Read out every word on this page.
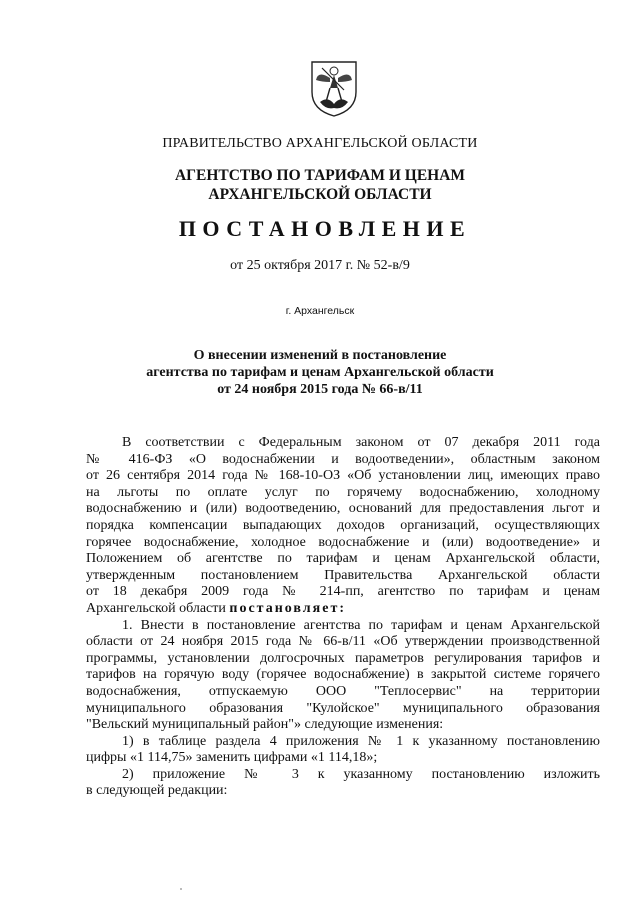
ПРАВИТЕЛЬСТВО АРХАНГЕЛЬСКОЙ ОБЛАСТИ
АГЕНТСТВО ПО ТАРИФАМ И ЦЕНАМ
АРХАНГЕЛЬСКОЙ ОБЛАСТИ
ПОСТАНОВЛЕНИЕ
от 25 октября 2017 г. № 52-в/9
г. Архангельск
О внесении изменений в постановление
агентства по тарифам и ценам Архангельской области
от 24 ноября 2015 года № 66-в/11
В соответствии с Федеральным законом от 07 декабря 2011 года
№ 416-ФЗ «О водоснабжении и водоотведении», областным законом
от 26 сентября 2014 года № 168-10-ОЗ «Об установлении лиц, имеющих право
на льготы по оплате услуг по горячему водоснабжению, холодному
водоснабжению и (или) водоотведению, оснований для предоставления льгот и
порядка компенсации выпадающих доходов организаций, осуществляющих
горячее водоснабжение, холодное водоснабжение и (или) водоотведение» и
Положением об агентстве по тарифам и ценам Архангельской области,
утвержденным постановлением Правительства Архангельской области
от 18 декабря 2009 года № 214-пп, агентство по тарифам и ценам
Архангельской области постановляет:
1. Внести в постановление агентства по тарифам и ценам Архангельской
области от 24 ноября 2015 года № 66-в/11 «Об утверждении производственной
программы, установлении долгосрочных параметров регулирования тарифов и
тарифов на горячую воду (горячее водоснабжение) в закрытой системе горячего
водоснабжения, отпускаемую ООО "Теплосервис" на территории
муниципального образования "Кулойское" муниципального образования
"Вельский муниципальный район"» следующие изменения:
1) в таблице раздела 4 приложения № 1 к указанному постановлению
цифры «1 114,75» заменить цифрами «1 114,18»;
2) приложение № 3 к указанному постановлению изложить
в следующей редакции:
